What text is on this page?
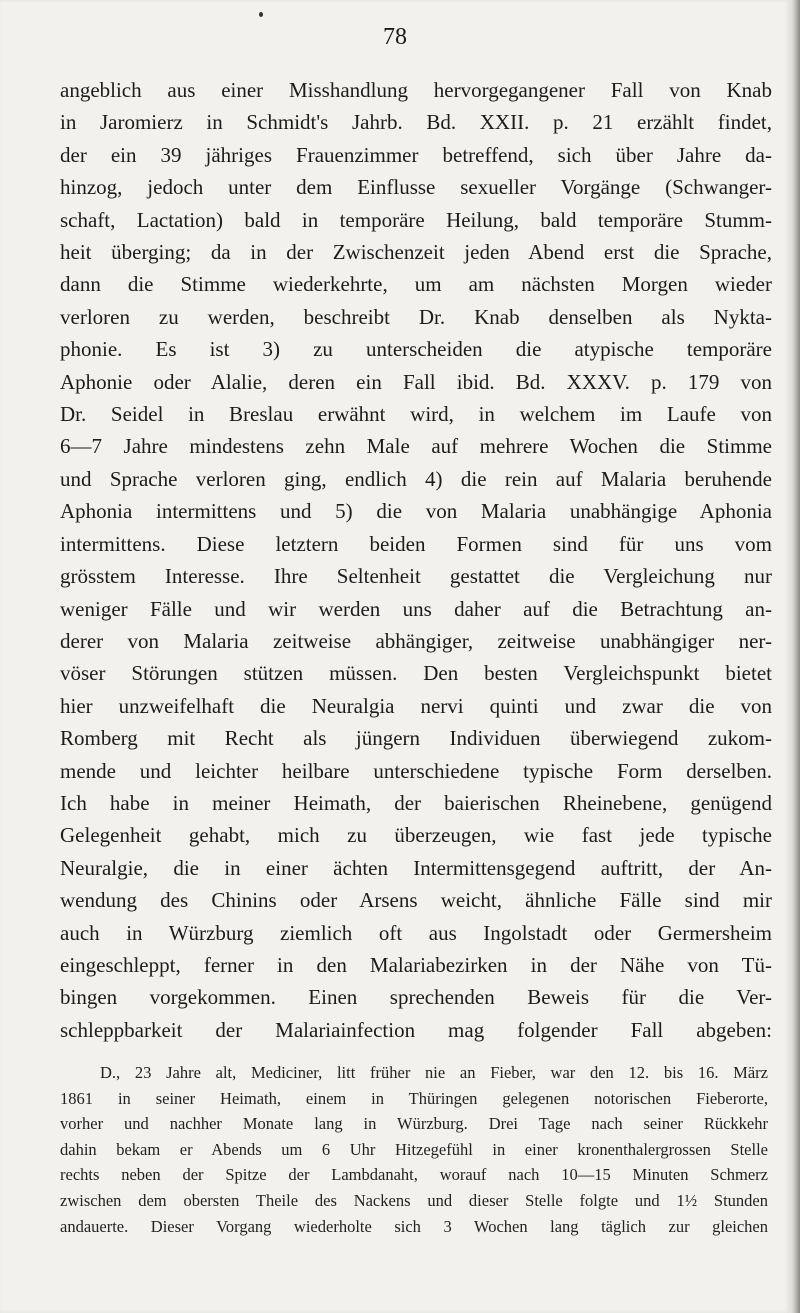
78

angeblich aus einer Misshandlung hervorgegangener Fall von Knab
in Jaromierz in Schmidt's Jahrb. Bd. XXII. p. 21 erzählt findet,
der ein 39 jähriges Frauenzimmer betreffend, sich über Jahre da-
hinzog, jedoch unter dem Einflusse sexueller Vorgänge (Schwanger-
schaft, Lactation) bald in temporäre Heilung, bald temporäre Stumm-
heit überging; da in der Zwischenzeit jeden Abend erst die Sprache,
dann die Stimme wiederkehrte, um am nächsten Morgen wieder
verloren zu werden, beschreibt Dr. Knab denselben als Nykta-
phonie. Es ist 3) zu unterscheiden die atypische temporäre
Aphonie oder Alalie, deren ein Fall ibid. Bd. XXXV. p. 179 von
Dr. Seidel in Breslau erwähnt wird, in welchem im Laufe von
6—7 Jahre mindestens zehn Male auf mehrere Wochen die Stimme
und Sprache verloren ging, endlich 4) die rein auf Malaria beruhende
Aphonia intermittens und 5) die von Malaria unabhängige Aphonia
intermittens. Diese letztern beiden Formen sind für uns vom
grösstem Interesse. Ihre Seltenheit gestattet die Vergleichung nur
weniger Fälle und wir werden uns daher auf die Betrachtung an-
derer von Malaria zeitweise abhängiger, zeitweise unabhängiger ner-
vöser Störungen stützen müssen. Den besten Vergleichspunkt bietet
hier unzweifelhaft die Neuralgia nervi quinti und zwar die von
Romberg mit Recht als jüngern Individuen überwiegend zukom-
mende und leichter heilbare unterschiedene typische Form derselben.
Ich habe in meiner Heimath, der baierischen Rheinebene, genügend
Gelegenheit gehabt, mich zu überzeugen, wie fast jede typische
Neuralgie, die in einer ächten Intermittensgegend auftritt, der An-
wendung des Chinins oder Arsens weicht, ähnliche Fälle sind mir
auch in Würzburg ziemlich oft aus Ingolstadt oder Germersheim
eingeschleppt, ferner in den Malariabezirken in der Nähe von Tü-
bingen vorgekommen. Einen sprechenden Beweis für die Ver-
schleppbarkeit der Malariainfection mag folgender Fall abgeben:
D., 23 Jahre alt, Mediciner, litt früher nie an Fieber, war den 12. bis 16. März
1861 in seiner Heimath, einem in Thüringen gelegenen notorischen Fieberorte,
vorher und nachher Monate lang in Würzburg. Drei Tage nach seiner Rückkehr
dahin bekam er Abends um 6 Uhr Hitzegefühl in einer kronenthalergrossen Stelle
rechts neben der Spitze der Lambdanaht, worauf nach 10—15 Minuten Schmerz
zwischen dem obersten Theile des Nackens und dieser Stelle folgte und 1½ Stunden
andauerte. Dieser Vorgang wiederholte sich 3 Wochen lang täglich zur gleichen
